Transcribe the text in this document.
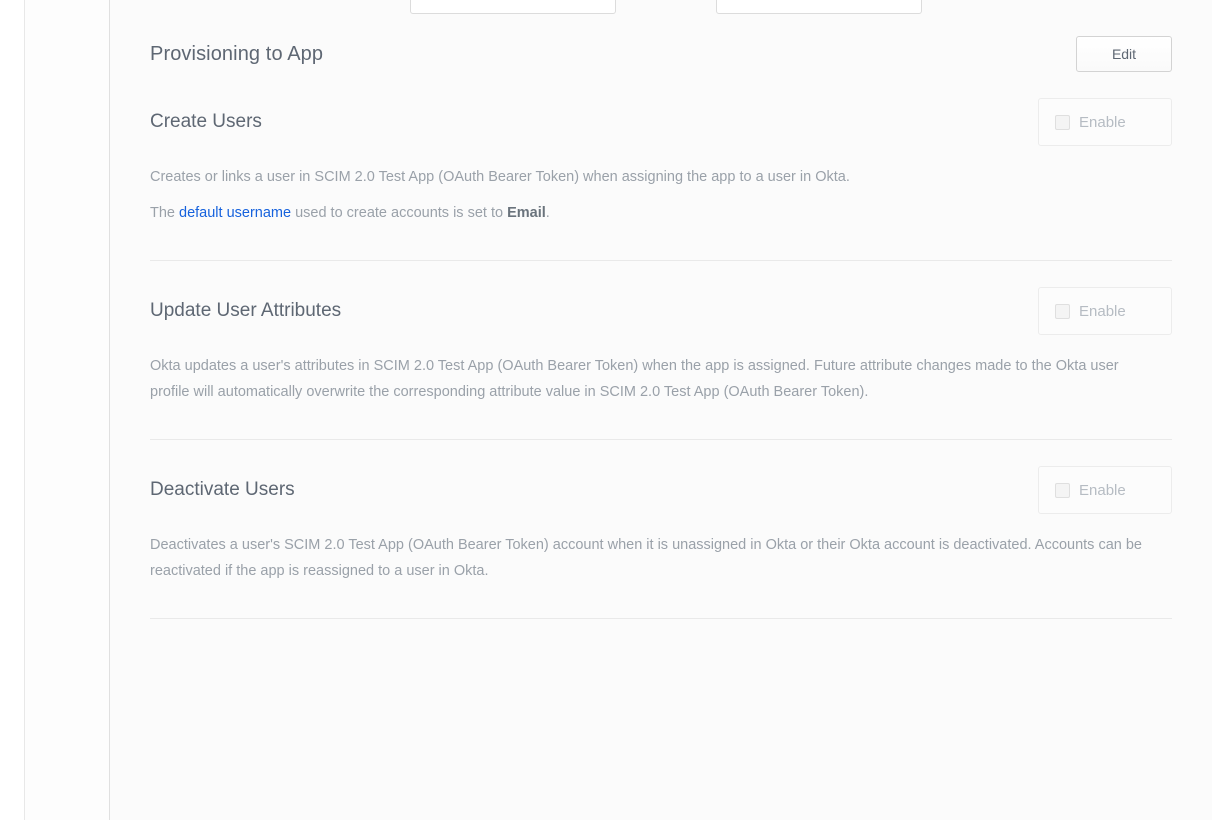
Provisioning to App	Edit
Create Users	Enable
Creates or links a user in SCIM 2.0 Test App (OAuth Bearer Token) when assigning the app to a user in Okta.
The default username used to create accounts is set to Email.
Update User Attributes	Enable
Okta updates a user's attributes in SCIM 2.0 Test App (OAuth Bearer Token) when the app is assigned. Future attribute changes made to the Okta user profile will automatically overwrite the corresponding attribute value in SCIM 2.0 Test App (OAuth Bearer Token).
Deactivate Users	Enable
Deactivates a user's SCIM 2.0 Test App (OAuth Bearer Token) account when it is unassigned in Okta or their Okta account is deactivated. Accounts can be reactivated if the app is reassigned to a user in Okta.
